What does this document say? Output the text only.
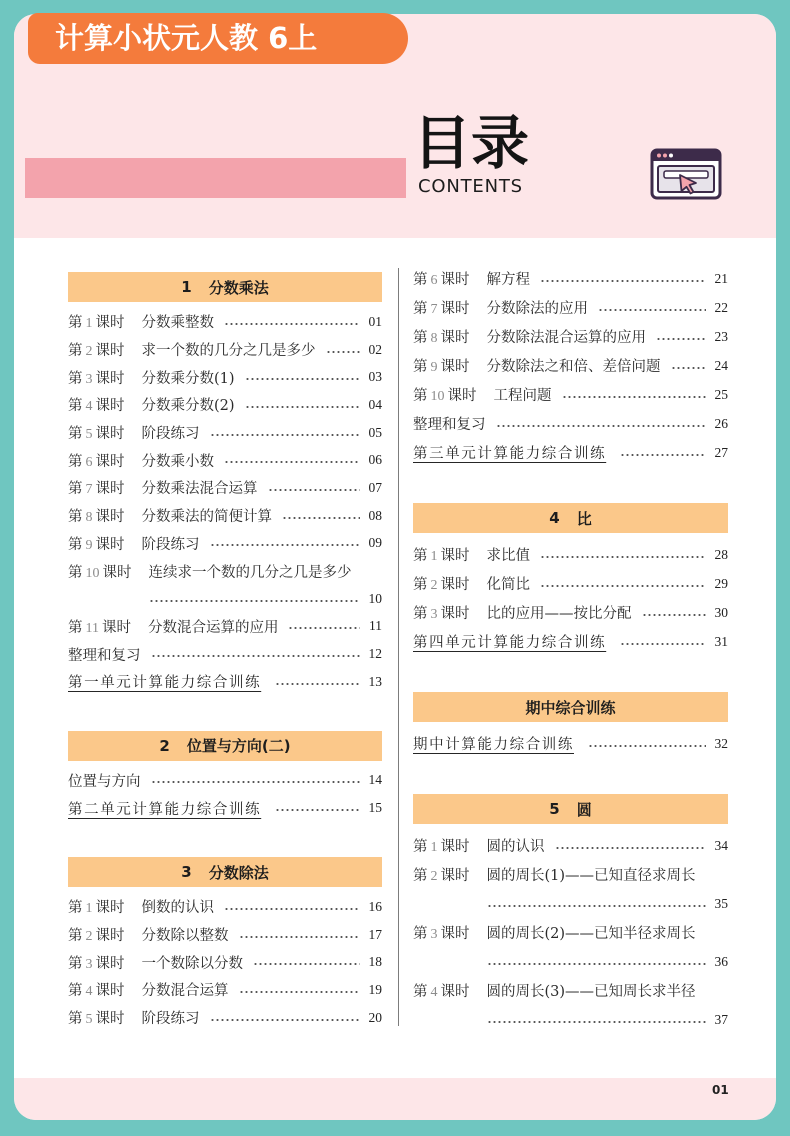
计算小状元人教 6上
目录
CONTENTS
1 分数乘法
第 1 课时 分数乘整数	01
第 2 课时 求一个数的几分之几是多少	02
第 3 课时 分数乘分数(1)	03
第 4 课时 分数乘分数(2)	04
第 5 课时 阶段练习	05
第 6 课时 分数乘小数	06
第 7 课时 分数乘法混合运算	07
第 8 课时 分数乘法的简便计算	08
第 9 课时 阶段练习	09
第 10 课时 连续求一个数的几分之几是多少
10
第 11 课时 分数混合运算的应用	11
整理和复习	12
第一单元计算能力综合训练	13
2 位置与方向(二)
位置与方向	14
第二单元计算能力综合训练	15
3 分数除法
第 1 课时 倒数的认识	16
第 2 课时 分数除以整数	17
第 3 课时 一个数除以分数	18
第 4 课时 分数混合运算	19
第 5 课时 阶段练习	20
第 6 课时 解方程	21
第 7 课时 分数除法的应用	22
第 8 课时 分数除法混合运算的应用	23
第 9 课时 分数除法之和倍、差倍问题	24
第 10 课时 工程问题	25
整理和复习	26
第三单元计算能力综合训练	27
4 比
第 1 课时 求比值	28
第 2 课时 化简比	29
第 3 课时 比的应用——按比分配	30
第四单元计算能力综合训练	31
期中综合训练
期中计算能力综合训练	32
5 圆
第 1 课时 圆的认识	34
第 2 课时 圆的周长(1)——已知直径求周长
35
第 3 课时 圆的周长(2)——已知半径求周长
36
第 4 课时 圆的周长(3)——已知周长求半径
37
01
